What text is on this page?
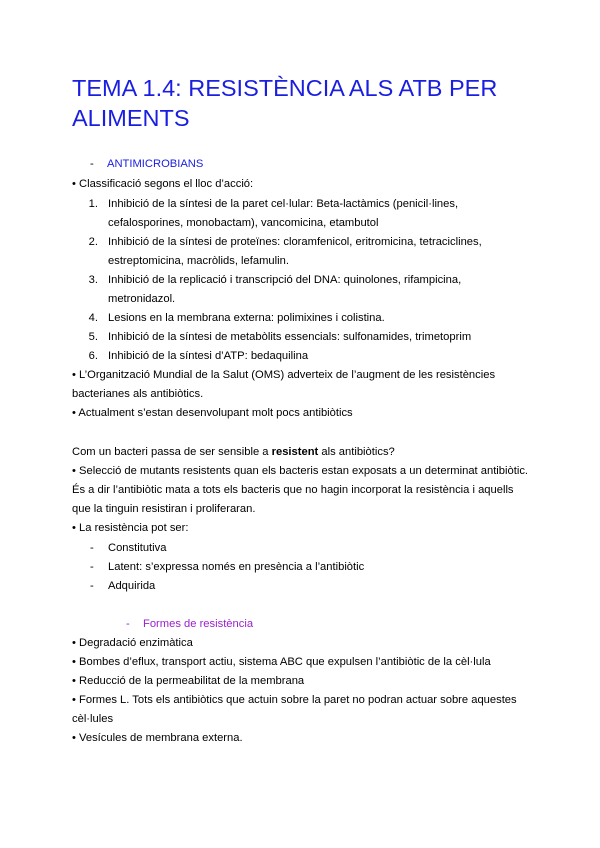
TEMA 1.4: RESISTÈNCIA ALS ATB PER ALIMENTS
- ANTIMICROBIANS
• Classificació segons el lloc d’acció:
1. Inhibició de la síntesi de la paret cel·lular: Beta-lactàmics (penicil·lines,
cefalosporines, monobactam), vancomicina, etambutol
2. Inhibició de la síntesi de proteïnes: cloramfenicol, eritromicina, tetraciclines,
estreptomicina, macròlids, lefamulin.
3. Inhibició de la replicació i transcripció del DNA: quinolones, rifampicina,
metronidazol.
4. Lesions en la membrana externa: polimixines i colistina.
5. Inhibició de la síntesi de metabòlits essencials: sulfonamides, trimetoprim
6. Inhibició de la síntesi d’ATP: bedaquilina
• L’Organització Mundial de la Salut (OMS) adverteix de l’augment de les resistències
bacterianes als antibiòtics.
• Actualment s’estan desenvolupant molt pocs antibiòtics
Com un bacteri passa de ser sensible a resistent als antibiòtics?
• Selecció de mutants resistents quan els bacteris estan exposats a un determinat antibiòtic.
És a dir l’antibiòtic mata a tots els bacteris que no hagin incorporat la resistència i aquells
que la tinguin resistiran i proliferaran.
• La resistència pot ser:
- Constitutiva
- Latent: s’expressa només en presència a l’antibiòtic
- Adquirida
- Formes de resistència
• Degradació enzimàtica
• Bombes d’eflux, transport actiu, sistema ABC que expulsen l’antibiòtic de la cèl·lula
• Reducció de la permeabilitat de la membrana
• Formes L. Tots els antibiòtics que actuin sobre la paret no podran actuar sobre aquestes
cèl·lules
• Vesícules de membrana externa.
